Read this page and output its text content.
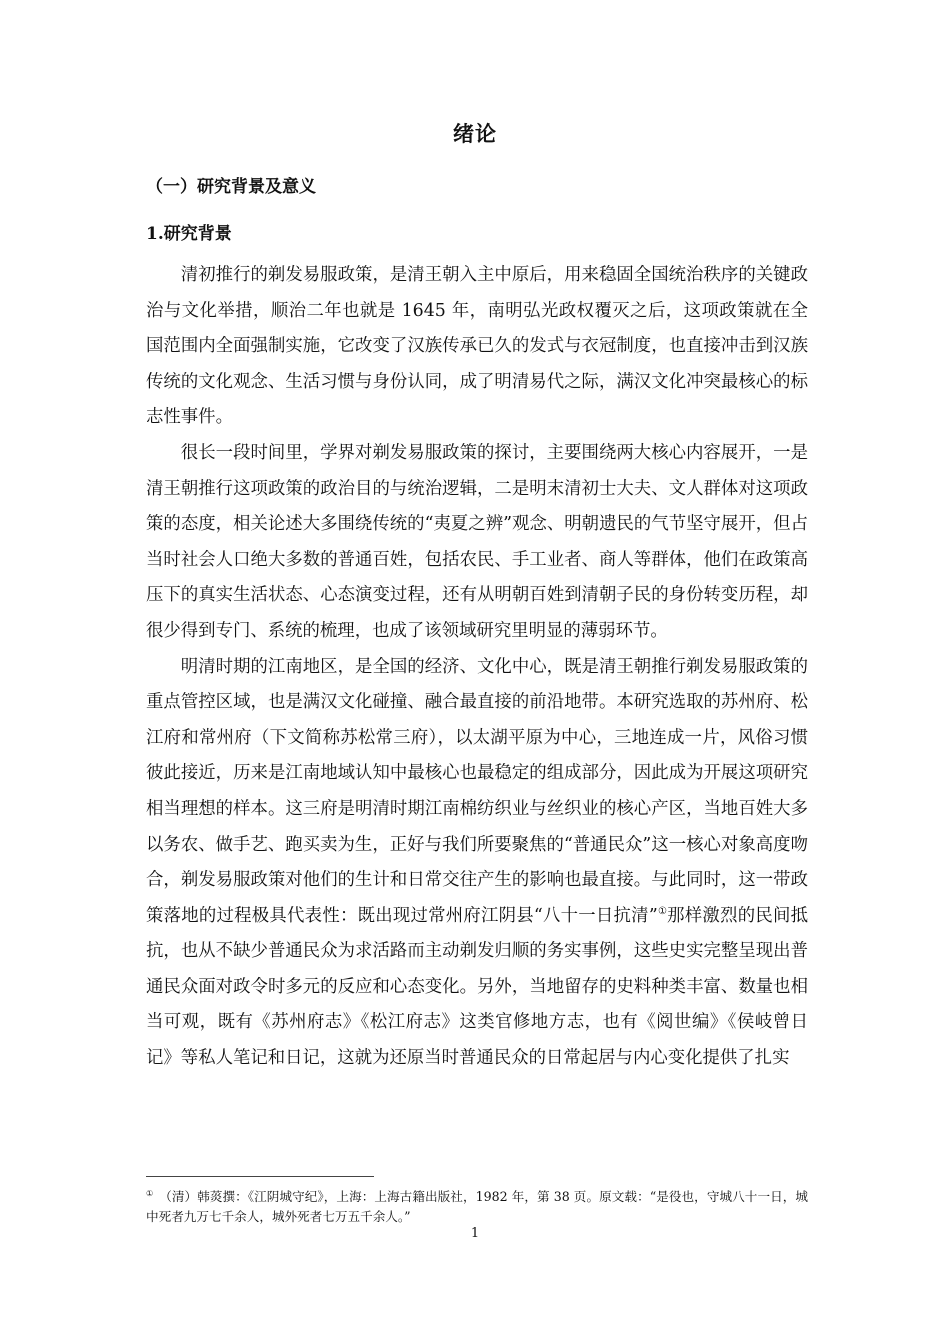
绪论
（一）研究背景及意义
1.研究背景

清初推行的剃发易服政策，是清王朝入主中原后，用来稳固全国统治秩序的关键政治与文化举措，顺治二年也就是 1645 年，南明弘光政权覆灭之后，这项政策就在全国范围内全面强制实施，它改变了汉族传承已久的发式与衣冠制度，也直接冲击到汉族传统的文化观念、生活习惯与身份认同，成了明清易代之际，满汉文化冲突最核心的标志性事件。

很长一段时间里，学界对剃发易服政策的探讨，主要围绕两大核心内容展开，一是清王朝推行这项政策的政治目的与统治逻辑，二是明末清初士大夫、文人群体对这项政策的态度，相关论述大多围绕传统的“夷夏之辨”观念、明朝遗民的气节坚守展开，但占当时社会人口绝大多数的普通百姓，包括农民、手工业者、商人等群体，他们在政策高压下的真实生活状态、心态演变过程，还有从明朝百姓到清朝子民的身份转变历程，却很少得到专门、系统的梳理，也成了该领域研究里明显的薄弱环节。

明清时期的江南地区，是全国的经济、文化中心，既是清王朝推行剃发易服政策的重点管控区域，也是满汉文化碰撞、融合最直接的前沿地带。本研究选取的苏州府、松江府和常州府（下文简称苏松常三府），以太湖平原为中心，三地连成一片，风俗习惯彼此接近，历来是江南地域认知中最核心也最稳定的组成部分，因此成为开展这项研究相当理想的样本。这三府是明清时期江南棉纺织业与丝织业的核心产区，当地百姓大多以务农、做手艺、跑买卖为生，正好与我们所要聚焦的“普通民众”这一核心对象高度吻合，剃发易服政策对他们的生计和日常交往产生的影响也最直接。与此同时，这一带政策落地的过程极具代表性：既出现过常州府江阴县“八十一日抗清”①那样激烈的民间抵抗，也从不缺少普通民众为求活路而主动剃发归顺的务实事例，这些史实完整呈现出普通民众面对政令时多元的反应和心态变化。另外，当地留存的史料种类丰富、数量也相当可观，既有《苏州府志》《松江府志》这类官修地方志，也有《阅世编》《侯岐曾日记》等私人笔记和日记，这就为还原当时普通民众的日常起居与内心变化提供了扎实

① （清）韩菼撰：《江阴城守纪》，上海：上海古籍出版社，1982 年，第 38 页。原文载：“是役也，守城八十一日，城中死者九万七千余人，城外死者七万五千余人。”
1
